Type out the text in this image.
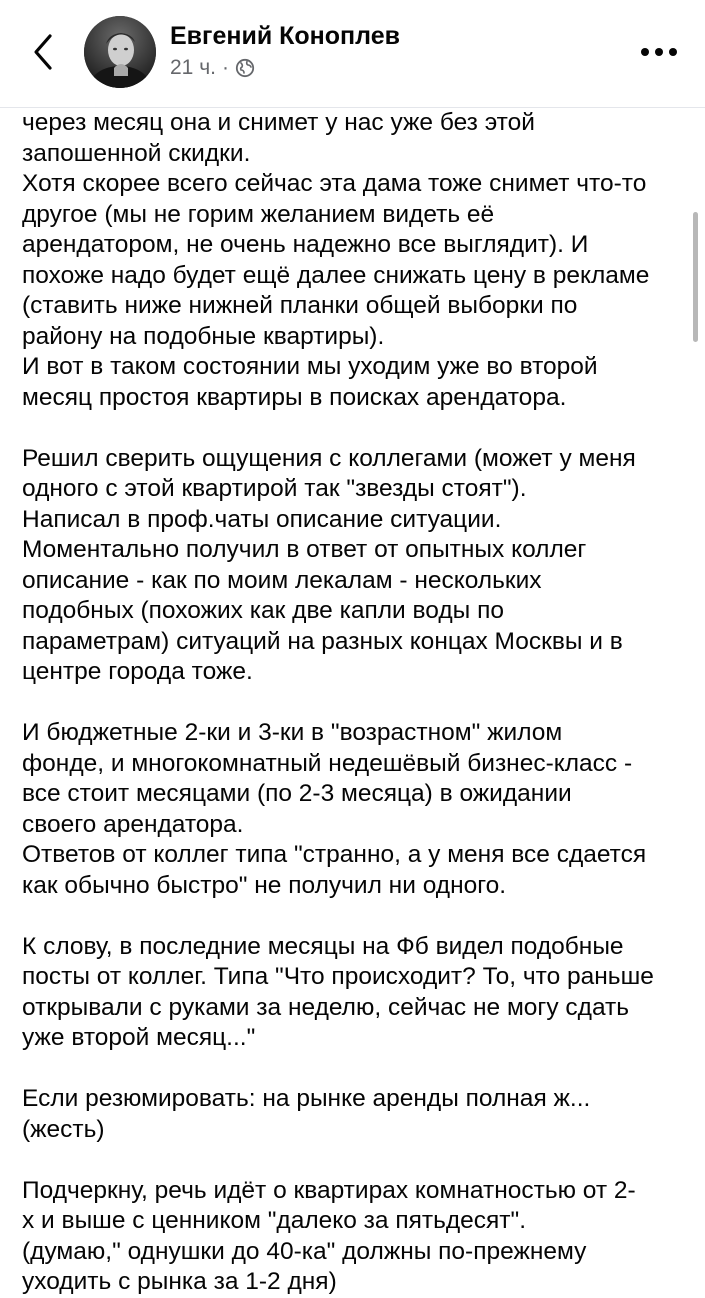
Евгений Коноплев
21 ч. ·
через месяц она и снимет у нас уже без этой
запошенной скидки.
Хотя скорее всего сейчас эта дама тоже снимет что-то
другое (мы не горим желанием видеть её
арендатором, не очень надежно все выглядит). И
похоже надо будет ещё далее снижать цену в рекламе
(ставить ниже нижней планки общей выборки по
району на подобные квартиры).
И вот в таком состоянии мы уходим уже во второй
месяц простоя квартиры в поисках арендатора.
Решил сверить ощущения с коллегами (может у меня
одного с этой квартирой так "звезды стоят").
Написал в проф.чаты описание ситуации.
Моментально получил в ответ от опытных коллег
описание - как по моим лекалам - нескольких
подобных (похожих как две капли воды по
параметрам) ситуаций на разных концах Москвы и в
центре города тоже.
И бюджетные 2-ки и 3-ки в "возрастном" жилом
фонде, и многокомнатный недешёвый бизнес-класс -
все стоит месяцами (по 2-3 месяца) в ожидании
своего арендатора.
Ответов от коллег типа "странно, а у меня все сдается
как обычно быстро" не получил ни одного.
К слову, в последние месяцы на Фб видел подобные
посты от коллег. Типа "Что происходит? То, что раньше
открывали с руками за неделю, сейчас не могу сдать
уже второй месяц..."
Если резюмировать: на рынке аренды полная ж...
(жесть)
Подчеркну, речь идёт о квартирах комнатностью от 2-
х и выше с ценником "далеко за пятьдесят".
(думаю," однушки до 40-ка" должны по-прежнему
уходить с рынка за 1-2 дня)
